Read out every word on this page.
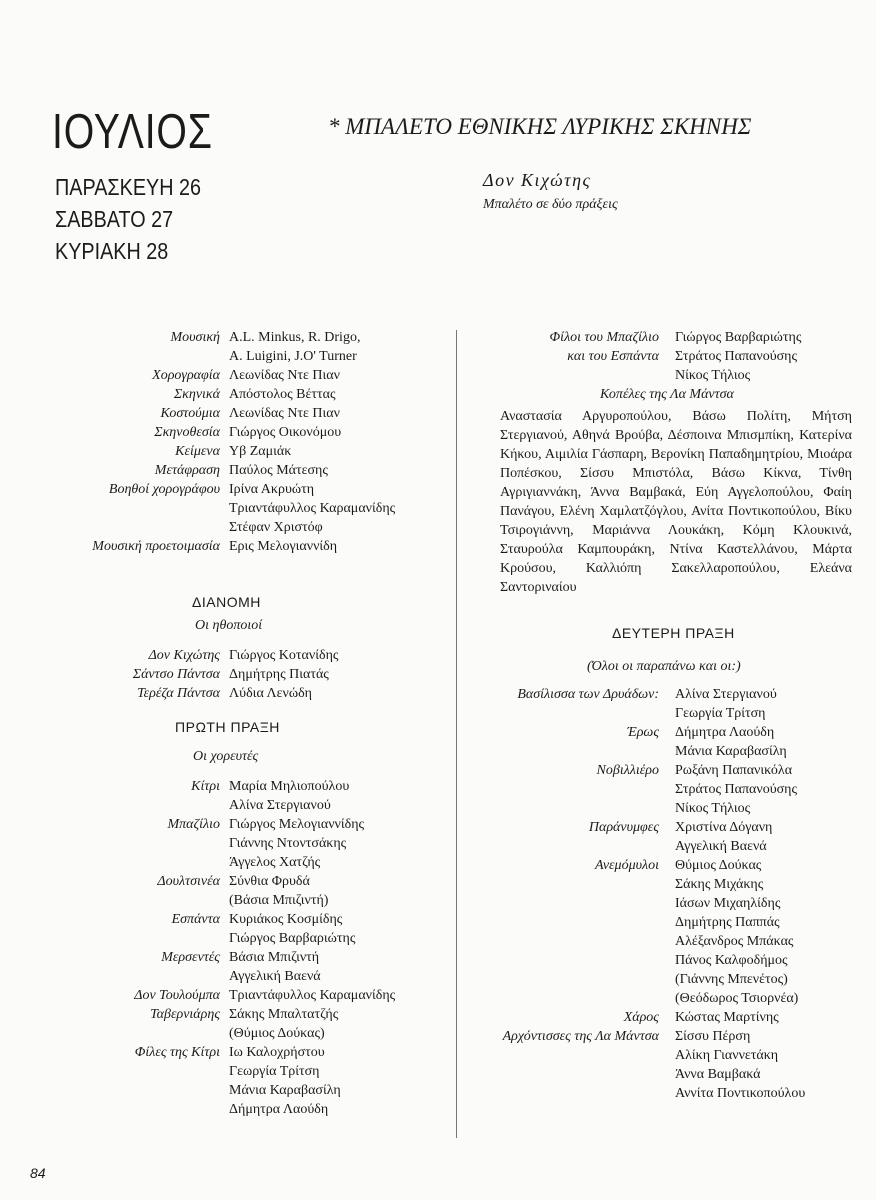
ΙΟΥΛΙΟΣ
ΠΑΡΑΣΚΕΥΗ 26
ΣΑΒΒΑΤΟ 27
ΚΥΡΙΑΚΗ 28
* ΜΠΑΛΕΤΟ ΕΘΝΙΚΗΣ ΛΥΡΙΚΗΣ ΣΚΗΝΗΣ
Δον Κιχώτης
Μπαλέτο σε δύο πράξεις
Μουσική A.L. Minkus, R. Drigo,
A. Luigini, J.O' Turner
Χορογραφία Λεωνίδας Ντε Πιαν
Σκηνικά Απόστολος Βέττας
Κοστούμια Λεωνίδας Ντε Πιαν
Σκηνοθεσία Γιώργος Οικονόμου
Κείμενα Υβ Ζαμιάκ
Μετάφραση Παύλος Μάτεσης
Βοηθοί χορογράφου Ιρίνα Ακρυώτη
Τριαντάφυλλος Καραμανίδης
Στέφαν Χριστόφ
Μουσική προετοιμασία Ερις Μελογιαννίδη
ΔΙΑΝΟΜΗ
Οι ηθοποιοί
Δον Κιχώτης Γιώργος Κοτανίδης
Σάντσο Πάντσα Δημήτρης Πιατάς
Τερέζα Πάντσα Λύδια Λενώδη
ΠΡΩΤΗ ΠΡΑΞΗ
Οι χορευτές
Κίτρι Μαρία Μηλιοπούλου
Αλίνα Στεργιανού
Μπαζίλιο Γιώργος Μελογιαννίδης
Γιάννης Ντοντσάκης
Άγγελος Χατζής
Δουλτσινέα Σύνθια Φρυδά
(Βάσια Μπιζιντή)
Εσπάντα Κυριάκος Κοσμίδης
Γιώργος Βαρβαριώτης
Μερσεντές Βάσια Μπιζιντή
Αγγελική Βαενά
Δον Τουλούμπα Τριαντάφυλλος Καραμανίδης
Ταβερνιάρης Σάκης Μπαλτατζής
(Θύμιος Δούκας)
Φίλες της Κίτρι Ιω Καλοχρήστου
Γεωργία Τρίτση
Μάνια Καραβασίλη
Δήμητρα Λαούδη
Φίλοι του Μπαζίλιο Γιώργος Βαρβαριώτης
και του Εσπάντα Στράτος Παπανούσης
Νίκος Τήλιος
Κοπέλες της Λα Μάντσα
Αναστασία Αργυροπούλου, Βάσω Πολίτη, Μήτση Στεργιανού, Αθηνά Βρούβα, Δέσποινα Μπισμπίκη, Κατερίνα Κήκου, Αιμιλία Γάσπαρη, Βερονίκη Παπαδημητρίου, Μιοάρα Ποπέσκου, Σίσσυ Μπιστόλα, Βάσω Κίκνα, Τίνθη Αγριγιαννάκη, Άννα Βαμβακά, Εύη Αγγελοπούλου, Φαίη Πανάγου, Ελένη Χαμλατζόγλου, Ανίτα Ποντικοπούλου, Βίκυ Τσιρογιάννη, Μαριάννα Λουκάκη, Κόμη Κλουκινά, Σταυρούλα Καμπουράκη, Ντίνα Καστελλάνου, Μάρτα Κρούσου, Καλλιόπη Σακελλαροπούλου, Ελεάνα Σαντοριναίου
ΔΕΥΤΕΡΗ ΠΡΑΞΗ
(Όλοι οι παραπάνω και οι:)
Βασίλισσα των Δρυάδων: Αλίνα Στεργιανού
Γεωργία Τρίτση
Έρως Δήμητρα Λαούδη
Μάνια Καραβασίλη
Νοβιλλιέρο Ρωξάνη Παπανικόλα
Στράτος Παπανούσης
Νίκος Τήλιος
Παράνυμφες Χριστίνα Δόγανη
Αγγελική Βαενά
Ανεμόμυλοι Θύμιος Δούκας
Σάκης Μιχάκης
Ιάσων Μιχαηλίδης
Δημήτρης Παππάς
Αλέξανδρος Μπάκας
Πάνος Καλφοδήμος
(Γιάννης Μπενέτος)
(Θεόδωρος Τσιορνέα)
Χάρος Κώστας Μαρτίνης
Αρχόντισσες της Λα Μάντσα Σίσσυ Πέρση
Αλίκη Γιαννετάκη
Άννα Βαμβακά
Αννίτα Ποντικοπούλου
84
